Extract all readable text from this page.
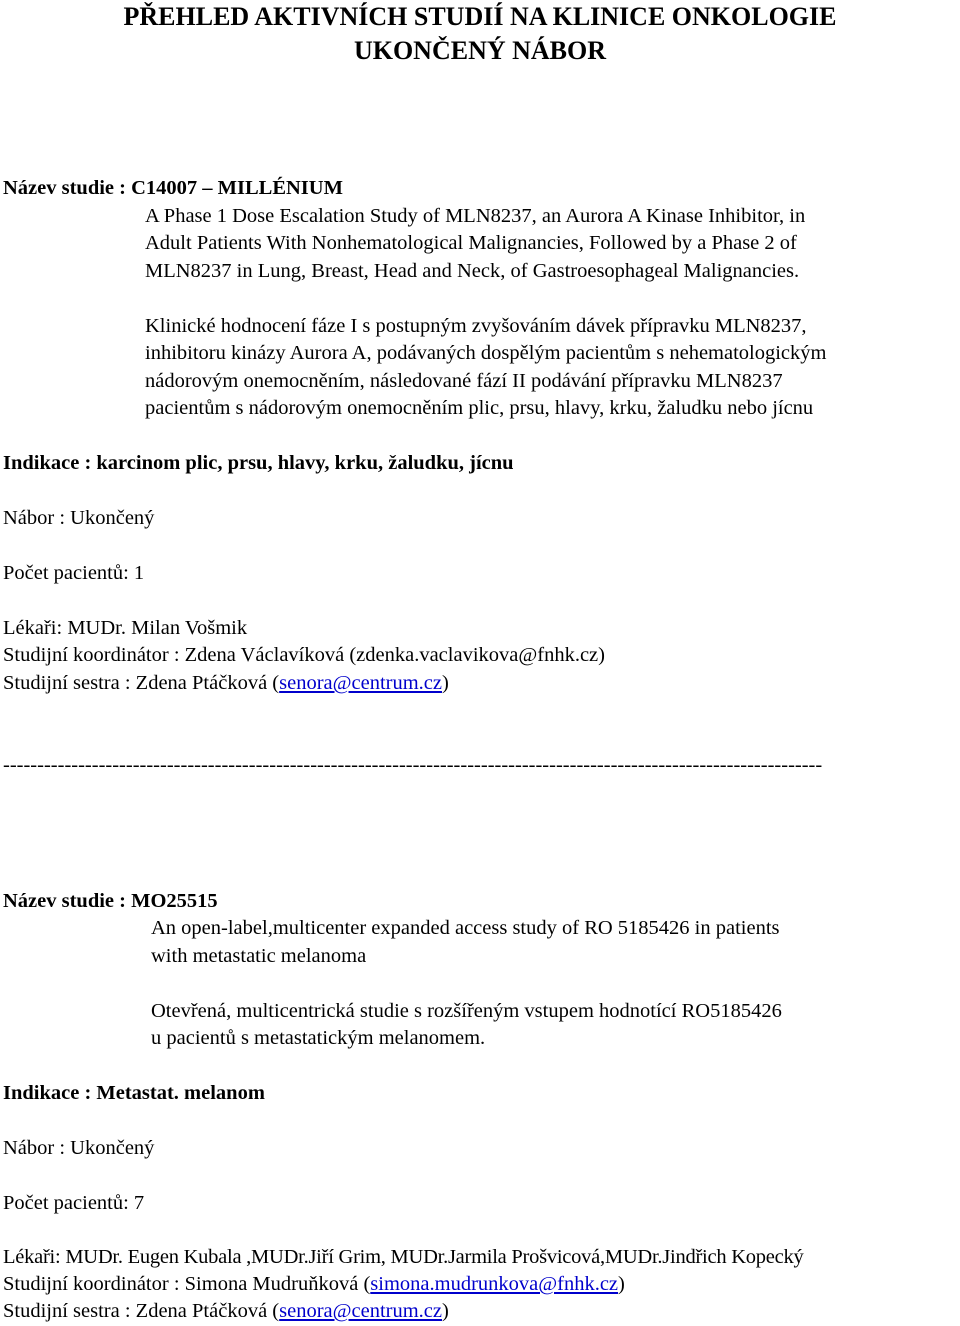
PŘEHLED AKTIVNÍCH STUDIÍ NA KLINICE ONKOLOGIE
UKONČENÝ NÁBOR
Název studie : C14007 – MILLÉNIUM
A Phase 1 Dose Escalation Study of MLN8237, an Aurora A Kinase Inhibitor, in
Adult Patients With Nonhematological Malignancies, Followed by a Phase 2 of
MLN8237 in Lung, Breast, Head and Neck, of Gastroesophageal Malignancies.
Klinické hodnocení fáze I s postupným zvyšováním dávek přípravku MLN8237,
inhibitoru kinázy Aurora A, podávaných dospělým pacientům s nehematologickým
nádorovým onemocněním, následované fází II podávání přípravku MLN8237
pacientům s nádorovým onemocněním plic, prsu, hlavy, krku, žaludku nebo jícnu
Indikace : karcinom plic, prsu, hlavy, krku, žaludku, jícnu
Nábor : Ukončený
Počet pacientů: 1
Lékaři: MUDr. Milan Vošmik
Studijní koordinátor : Zdena Václavíková (zdenka.vaclavikova@fnhk.cz)
Studijní sestra : Zdena Ptáčková (senora@centrum.cz)
------------------------------------------------------------------------------------------------------------------------
Název studie : MO25515
An open-label,multicenter expanded access study of RO 5185426 in patients
with metastatic melanoma
Otevřená, multicentrická studie s rozšířeným vstupem hodnotící RO5185426
u pacientů s metastatickým melanomem.
Indikace : Metastat. melanom
Nábor : Ukončený
Počet pacientů: 7
Lékaři: MUDr. Eugen Kubala ,MUDr.Jiří Grim, MUDr.Jarmila Prošvicová,MUDr.Jindřich Kopecký
Studijní koordinátor : Simona Mudruňková (simona.mudrunkova@fnhk.cz)
Studijní sestra : Zdena Ptáčková (senora@centrum.cz)
